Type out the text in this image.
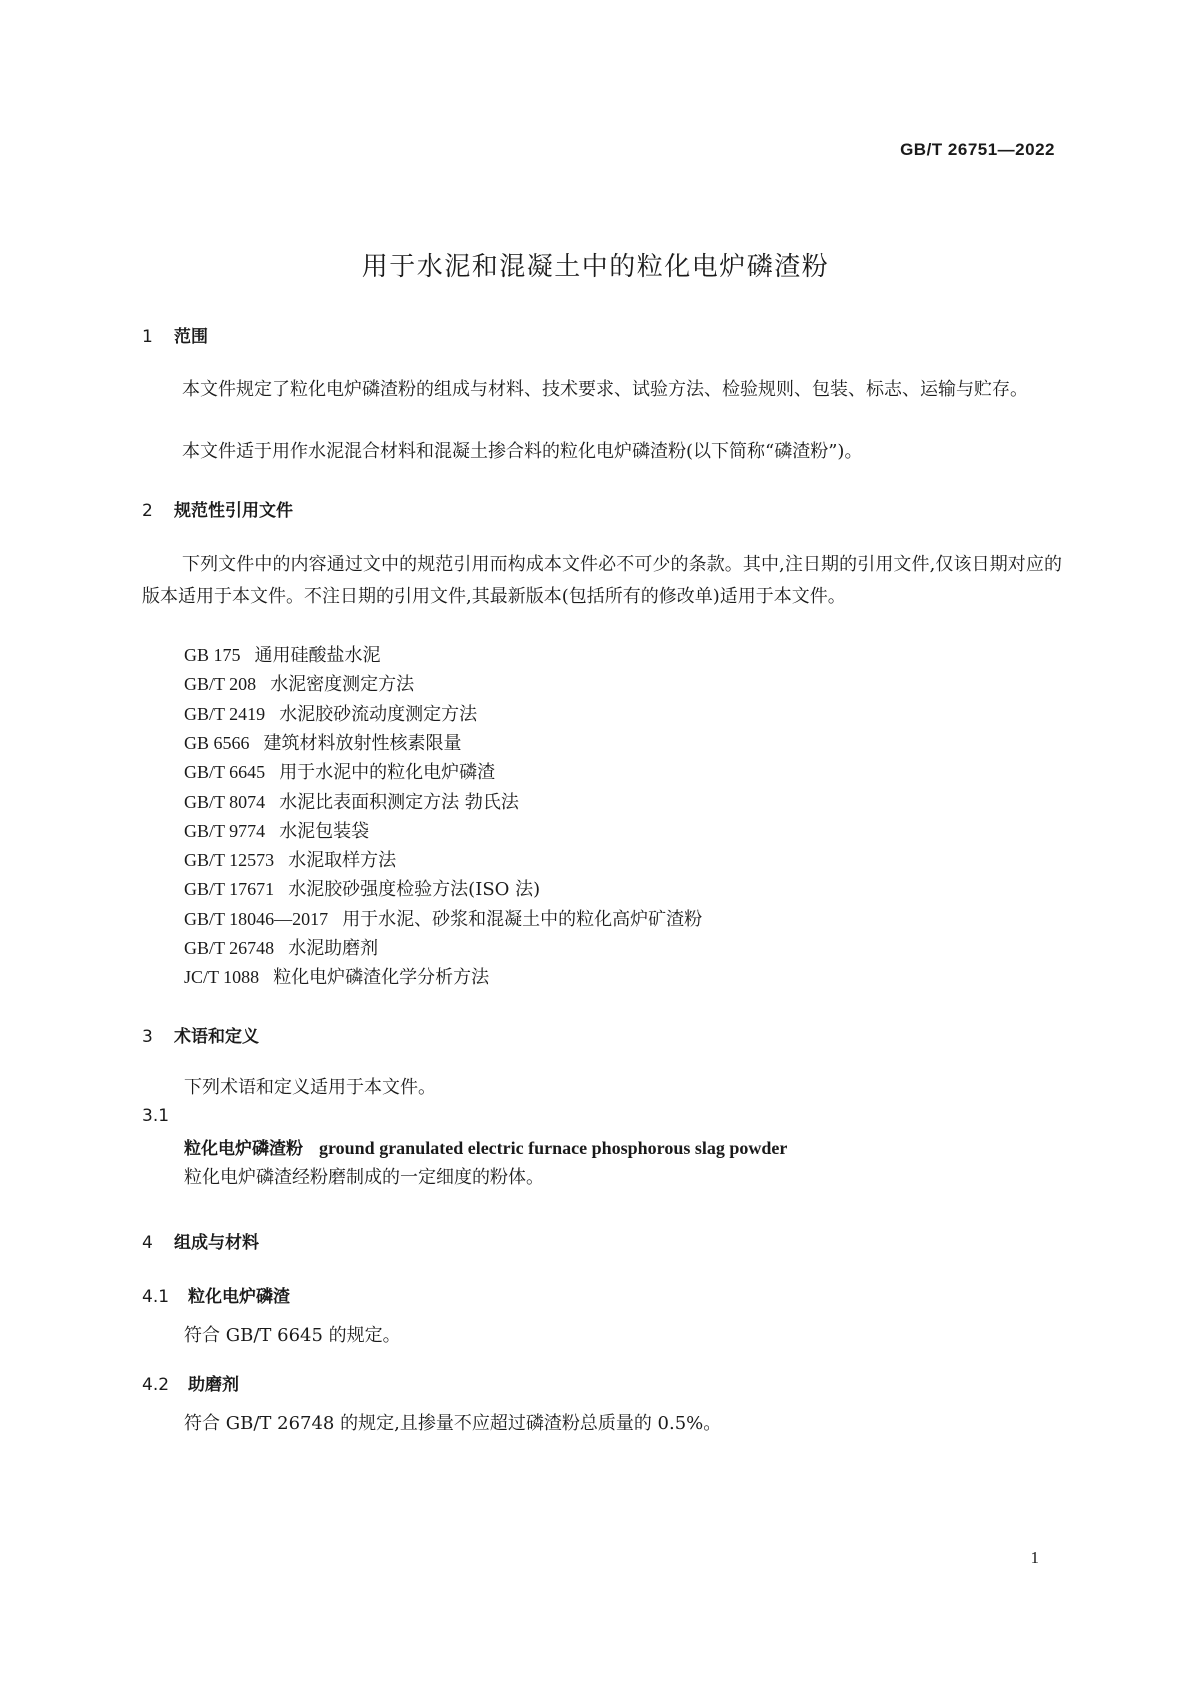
GB/T 26751—2022
用于水泥和混凝土中的粒化电炉磷渣粉
1 范围
本文件规定了粒化电炉磷渣粉的组成与材料、技术要求、试验方法、检验规则、包装、标志、运输与贮存。
本文件适于用作水泥混合材料和混凝土掺合料的粒化电炉磷渣粉(以下简称“磷渣粉”)。
2 规范性引用文件
下列文件中的内容通过文中的规范引用而构成本文件必不可少的条款。其中,注日期的引用文件,仅该日期对应的版本适用于本文件。不注日期的引用文件,其最新版本(包括所有的修改单)适用于本文件。
GB 175 通用硅酸盐水泥
GB/T 208 水泥密度测定方法
GB/T 2419 水泥胶砂流动度测定方法
GB 6566 建筑材料放射性核素限量
GB/T 6645 用于水泥中的粒化电炉磷渣
GB/T 8074 水泥比表面积测定方法 勃氏法
GB/T 9774 水泥包装袋
GB/T 12573 水泥取样方法
GB/T 17671 水泥胶砂强度检验方法(ISO 法)
GB/T 18046—2017 用于水泥、砂浆和混凝土中的粒化高炉矿渣粉
GB/T 26748 水泥助磨剂
JC/T 1088 粒化电炉磷渣化学分析方法
3 术语和定义
下列术语和定义适用于本文件。
3.1
粒化电炉磷渣粉 ground granulated electric furnace phosphorous slag powder
粒化电炉磷渣经粉磨制成的一定细度的粉体。
4 组成与材料
4.1 粒化电炉磷渣
符合 GB/T 6645 的规定。
4.2 助磨剂
符合 GB/T 26748 的规定,且掺量不应超过磷渣粉总质量的 0.5%。
1
